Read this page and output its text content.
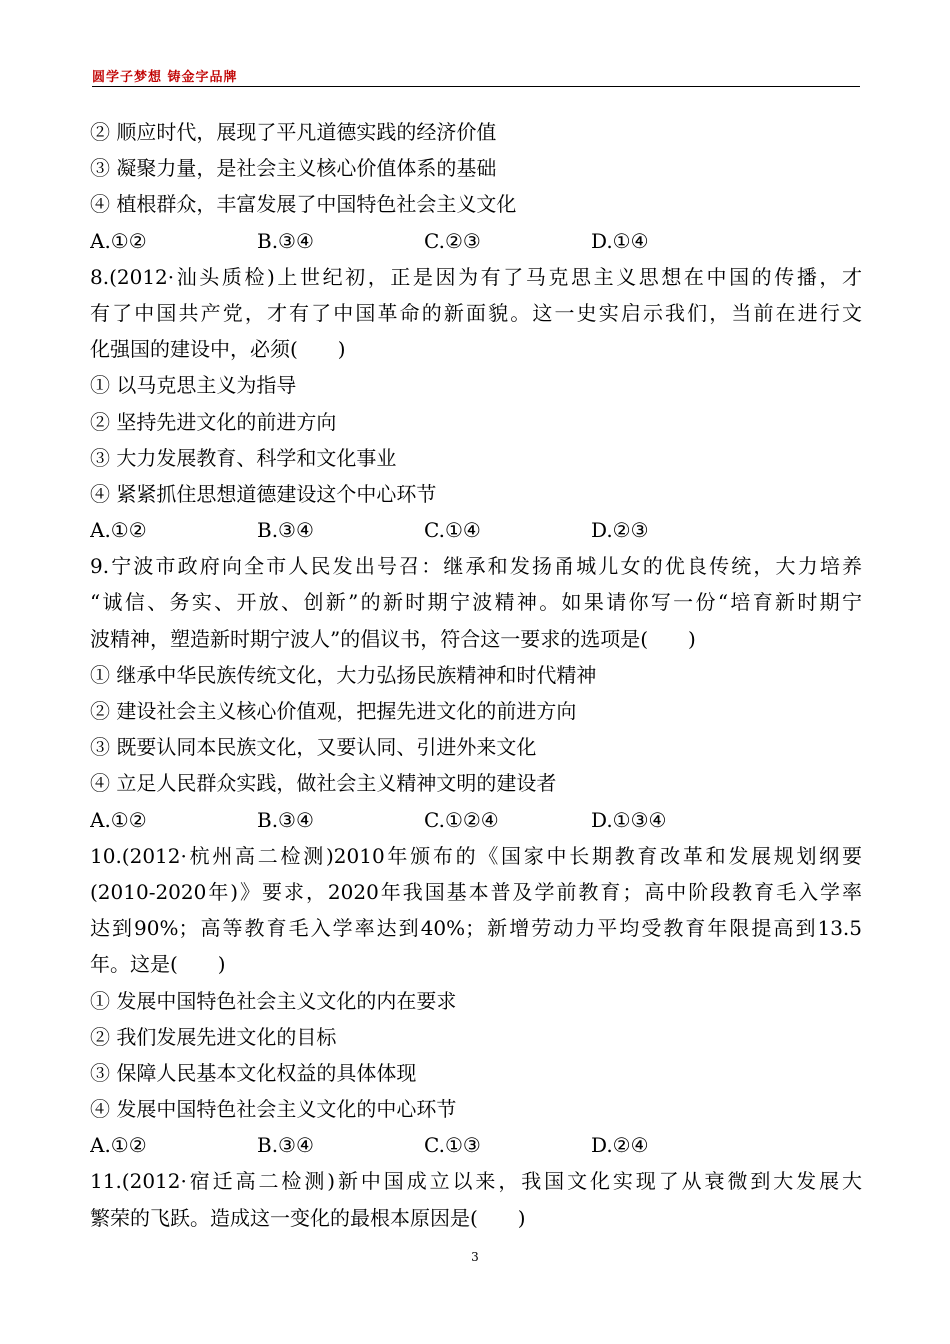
圆学子梦想 铸金字品牌
② 顺应时代，展现了平凡道德实践的经济价值
③ 凝聚力量，是社会主义核心价值体系的基础
④ 植根群众，丰富发展了中国特色社会主义文化
A.①②	B.③④	C.②③	D.①④
8.(2012·汕头质检)上世纪初，正是因为有了马克思主义思想在中国的传播，才
有了中国共产党，才有了中国革命的新面貌。这一史实启示我们，当前在进行文
化强国的建设中，必须(　　)
① 以马克思主义为指导
② 坚持先进文化的前进方向
③ 大力发展教育、科学和文化事业
④ 紧紧抓住思想道德建设这个中心环节
A.①②	B.③④	C.①④	D.②③
9.宁波市政府向全市人民发出号召：继承和发扬甬城儿女的优良传统，大力培养
“诚信、务实、开放、创新”的新时期宁波精神。如果请你写一份“培育新时期宁
波精神，塑造新时期宁波人”的倡议书，符合这一要求的选项是(　　)
① 继承中华民族传统文化，大力弘扬民族精神和时代精神
② 建设社会主义核心价值观，把握先进文化的前进方向
③ 既要认同本民族文化，又要认同、引进外来文化
④ 立足人民群众实践，做社会主义精神文明的建设者
A.①②	B.③④	C.①②④	D.①③④
10.(2012·杭州高二检测)2010年颁布的《国家中长期教育改革和发展规划纲要
(2010-2020年)》要求，2020年我国基本普及学前教育；高中阶段教育毛入学率
达到90%；高等教育毛入学率达到40%；新增劳动力平均受教育年限提高到13.5
年。这是(　　)
① 发展中国特色社会主义文化的内在要求
② 我们发展先进文化的目标
③ 保障人民基本文化权益的具体体现
④ 发展中国特色社会主义文化的中心环节
A.①②	B.③④	C.①③	D.②④
11.(2012·宿迁高二检测)新中国成立以来，我国文化实现了从衰微到大发展大
繁荣的飞跃。造成这一变化的最根本原因是(　　)
3
